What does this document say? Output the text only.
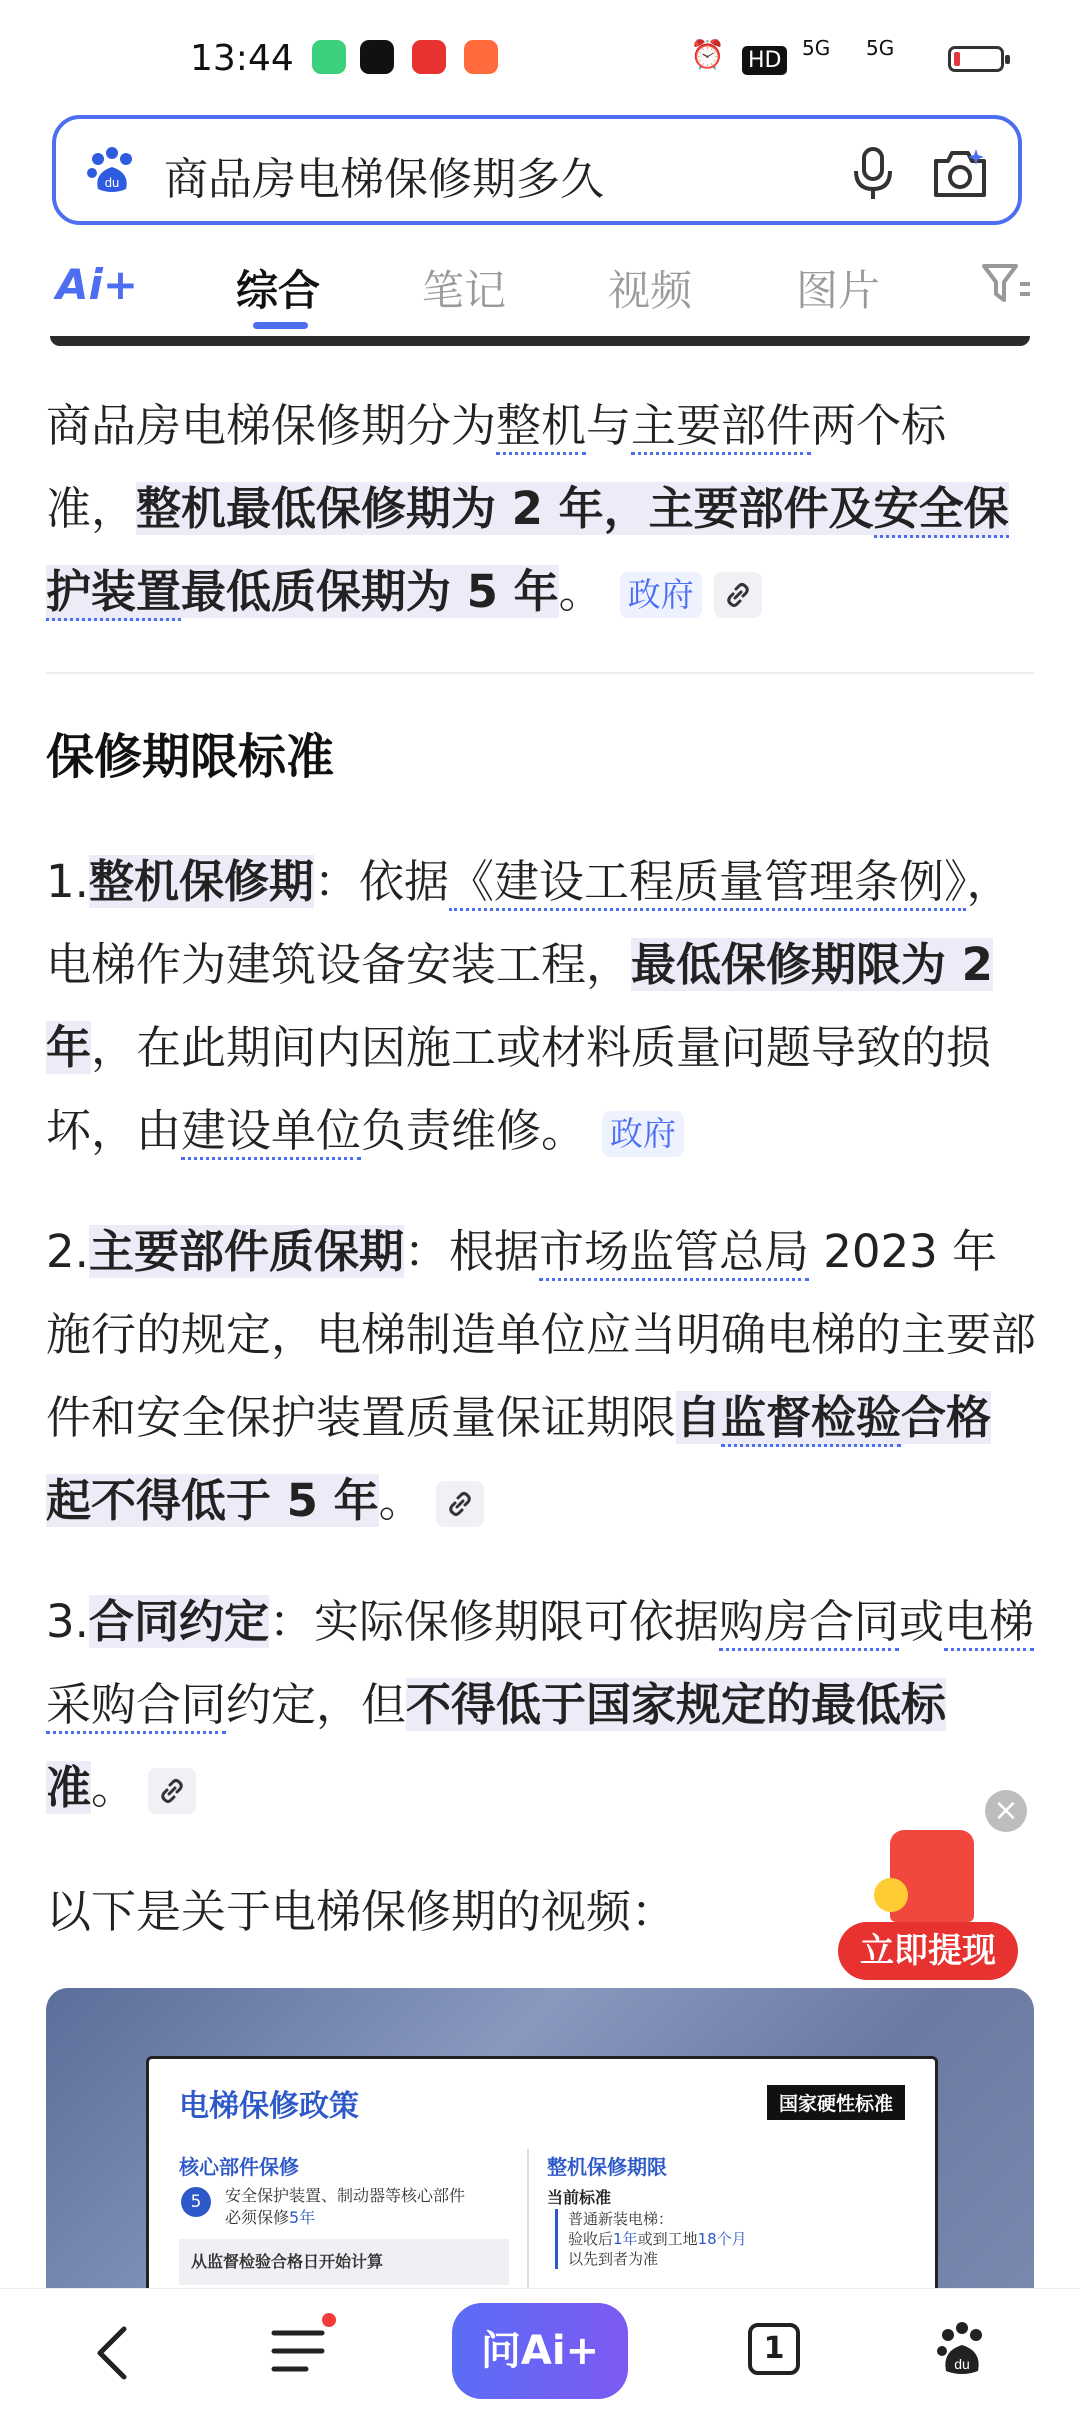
13:44	⏰ HD	5G 5G
du 商品房电梯保修期多久
Ai+ 综合 笔记 视频 图片
商品房电梯保修期分为整机与主要部件两个标准，整机最低保修期为 2 年，主要部件及安全保护装置最低质保期为 5 年。 政府
保修期限标准
1.整机保修期：依据《建设工程质量管理条例》，电梯作为建筑设备安装工程，最低保修期限为 2 年，在此期间内因施工或材料质量问题导致的损坏，由建设单位负责维修。 政府
2.主要部件质保期：根据市场监管总局 2023 年施行的规定，电梯制造单位应当明确电梯的主要部件和安全保护装置质量保证期限自监督检验合格起不得低于 5 年。
3.合同约定：实际保修期限可依据购房合同或电梯采购合同约定，但不得低于国家规定的最低标准。
以下是关于电梯保修期的视频：
×
立即提现
电梯保修政策	国家硬性标准
核心部件保修
5	安全保护装置、制动器等核心部件
必须保修5年
从监督检验合格日开始计算
整机保修期限
当前标准
普通新装电梯：
验收后1年或到工地18个月
以先到者为准
问Ai+	1	du
